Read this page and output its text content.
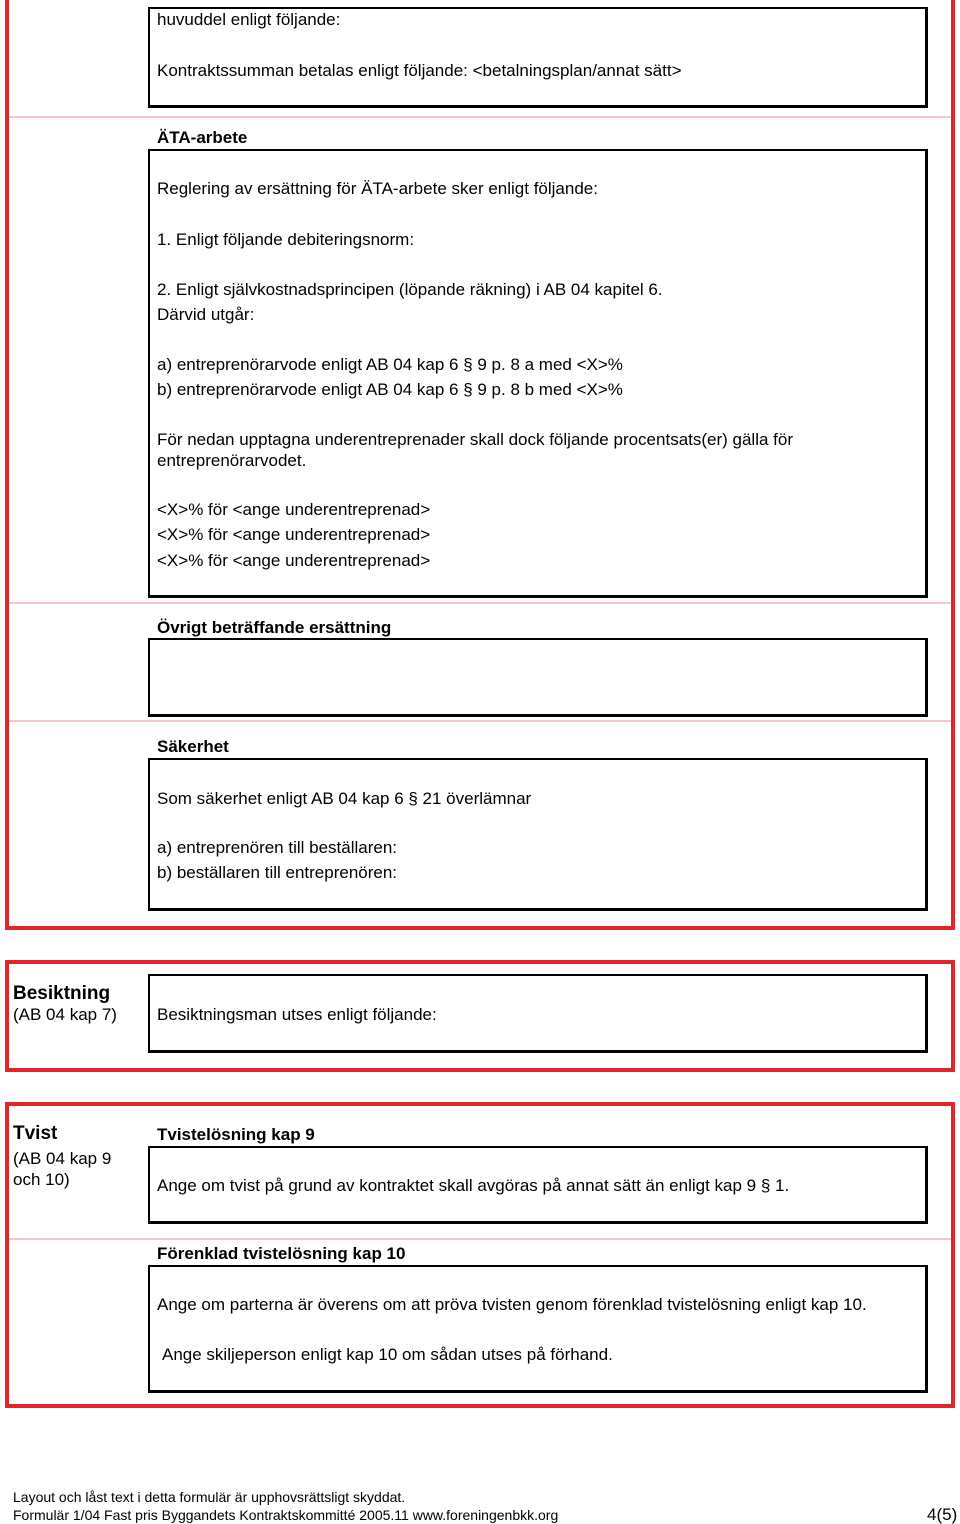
huvuddel enligt följande:
Kontraktssumman betalas enligt följande: <betalningsplan/annat sätt>
ÄTA-arbete
Reglering av ersättning för ÄTA-arbete sker enligt följande:
1. Enligt följande debiteringsnorm:
2. Enligt självkostnadsprincipen (löpande räkning) i AB 04 kapitel 6.
Därvid utgår:
a) entreprenörarvode enligt AB 04 kap 6 § 9 p. 8 a med <X>%
b) entreprenörarvode enligt AB 04 kap 6 § 9 p. 8 b med <X>%
För nedan upptagna underentreprenader skall dock följande procentsats(er) gälla för
entreprenörarvodet.
<X>% för <ange underentreprenad>
<X>% för <ange underentreprenad>
<X>% för <ange underentreprenad>
Övrigt beträffande ersättning
Säkerhet
Som säkerhet enligt AB 04 kap 6 § 21 överlämnar
a) entreprenören till beställaren:
b) beställaren till entreprenören:
Besiktning
(AB 04 kap 7) Besiktningsman utses enligt följande:
Tvist
(AB 04 kap 9
och 10)
Tvistelösning kap 9
Ange om tvist på grund av kontraktet skall avgöras på annat sätt än enligt kap 9 § 1.
Förenklad tvistelösning kap 10
Ange om parterna är överens om att pröva tvisten genom förenklad tvistelösning enligt kap 10.
Ange skiljeperson enligt kap 10 om sådan utses på förhand.
Layout och låst text i detta formulär är upphovsrättsligt skyddat.
Formulär 1/04 Fast pris Byggandets Kontraktskommitté 2005.11 www.foreningenbkk.org	4(5)
